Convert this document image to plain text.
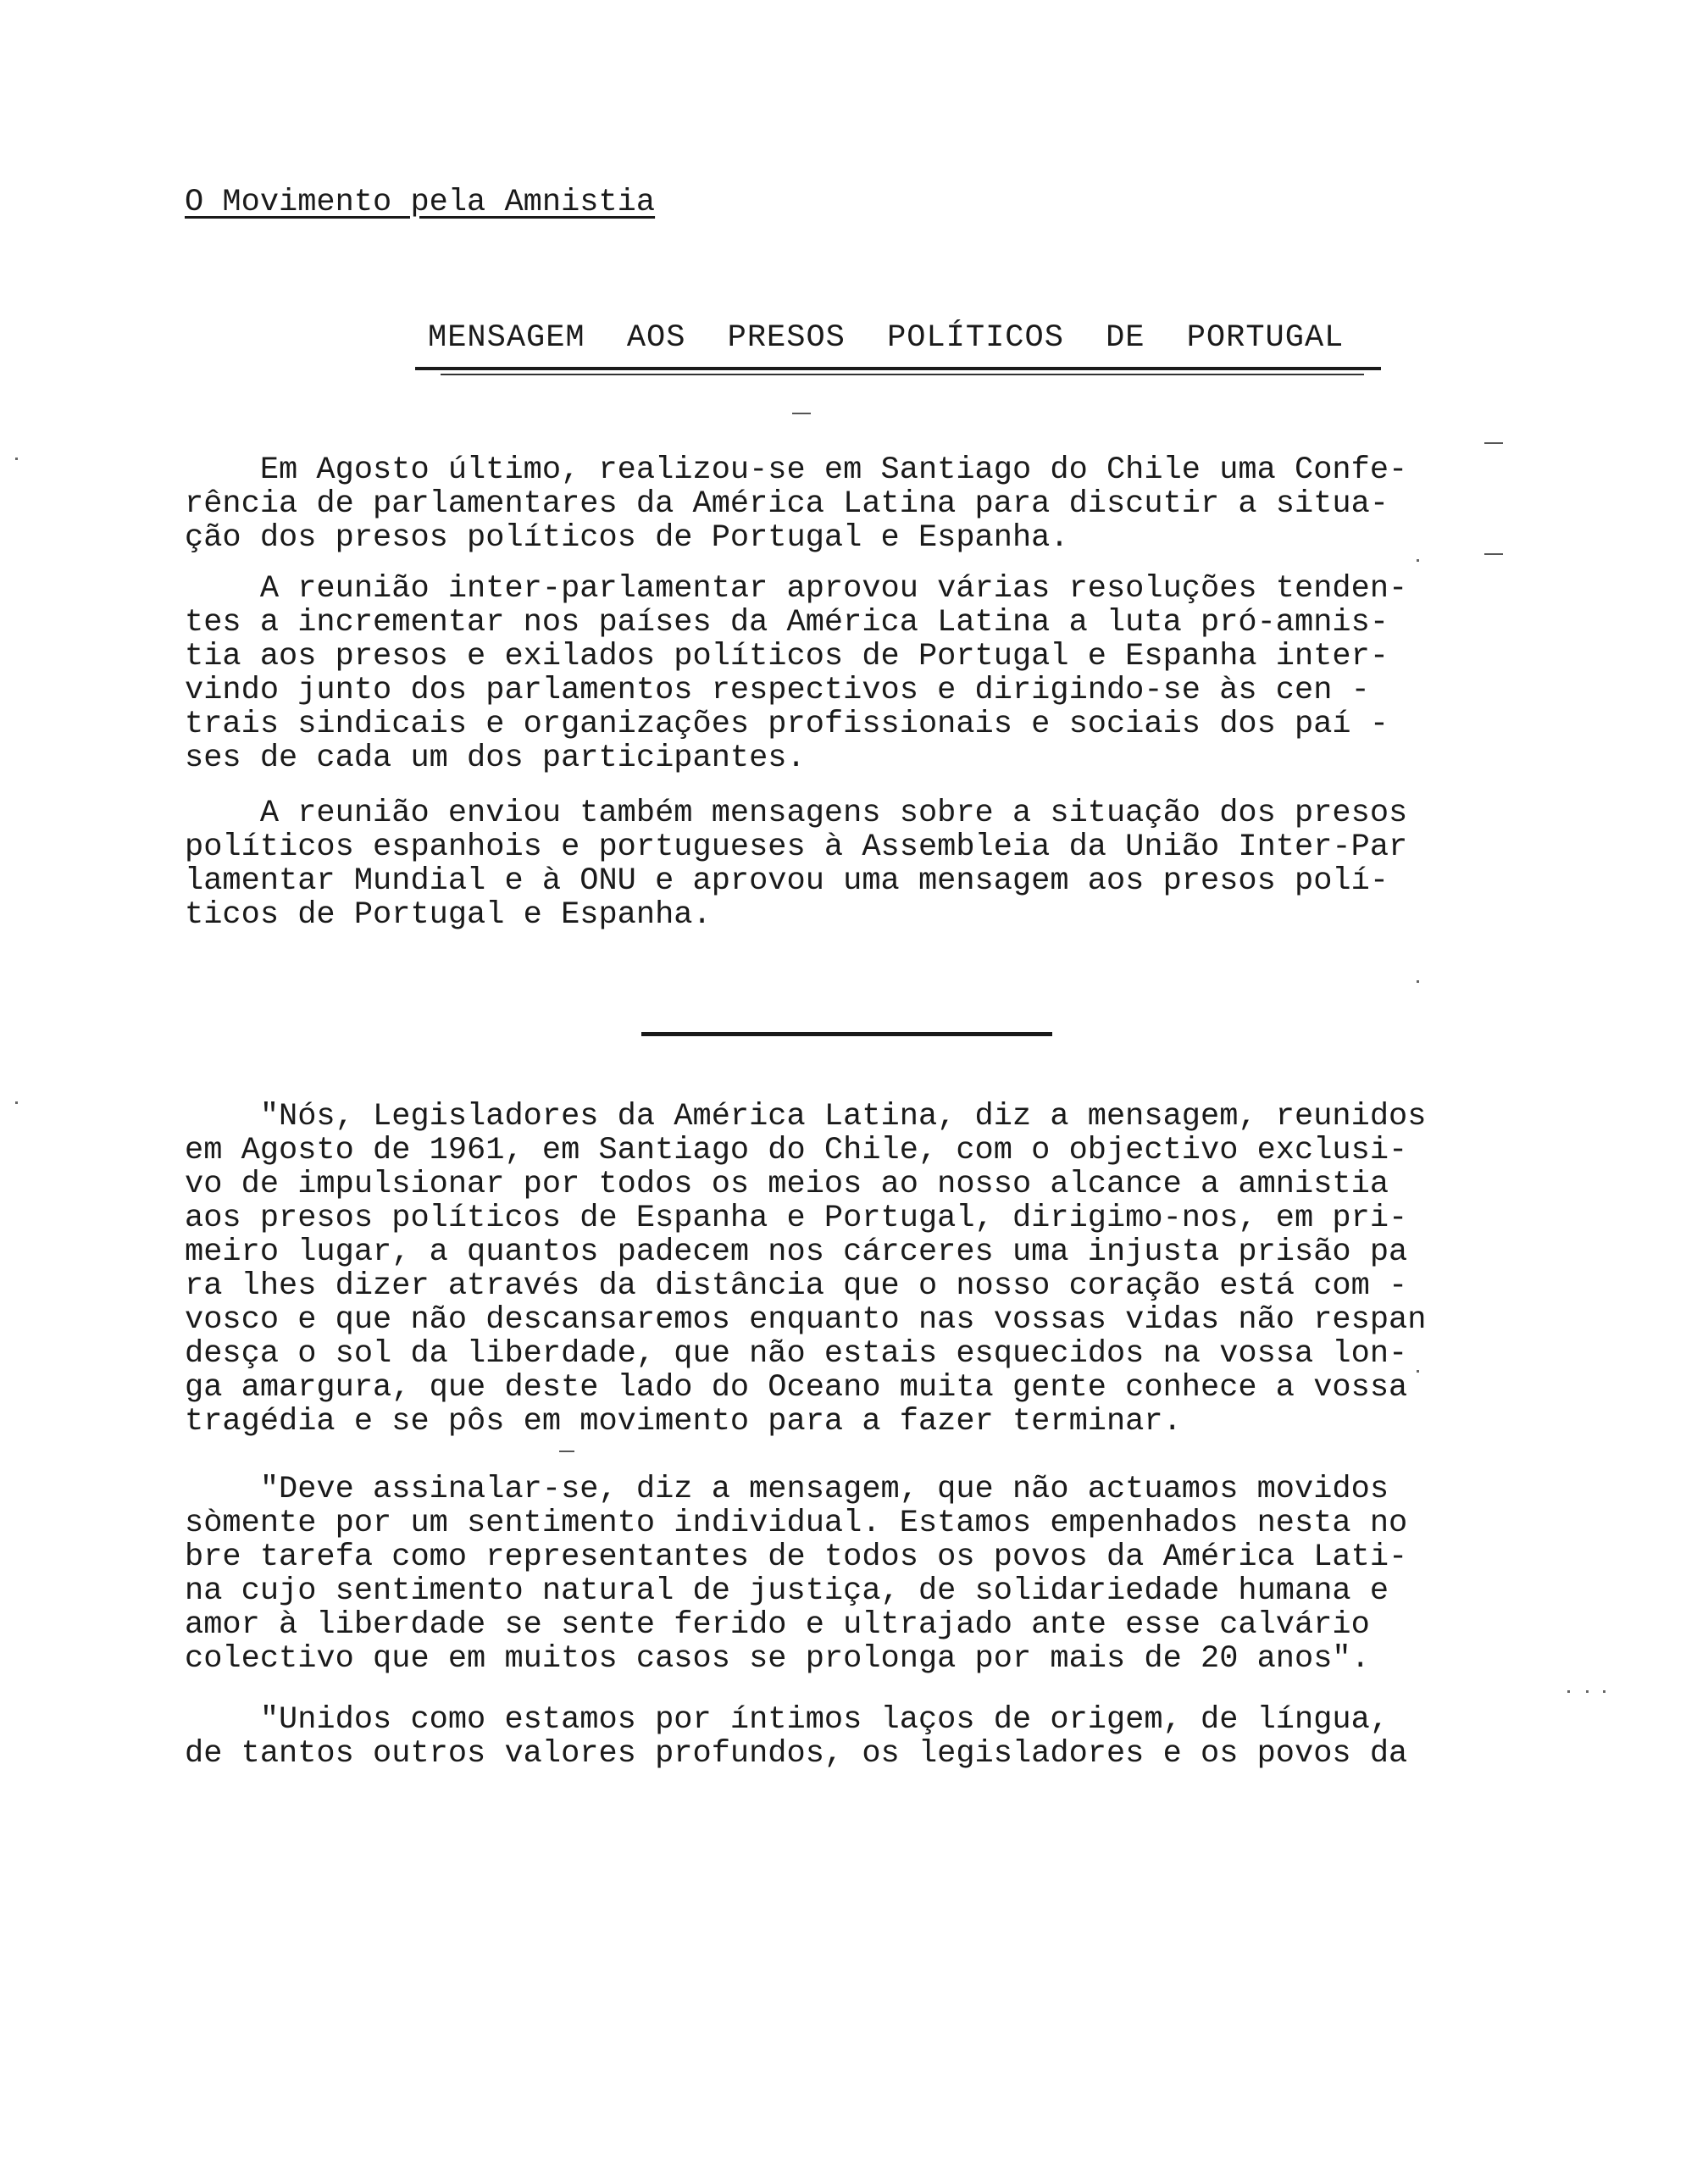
O Movimento pela Amnistia
MENSAGEM AOS PRESOS POLÍTICOS DE PORTUGAL
Em Agosto último, realizou-se em Santiago do Chile uma Confe-
rência de parlamentares da América Latina para discutir a situa-
ção dos presos políticos de Portugal e Espanha.
A reunião inter-parlamentar aprovou várias resoluções tenden-
tes a incrementar nos países da América Latina a luta pró-amnis-
tia aos presos e exilados políticos de Portugal e Espanha inter-
vindo junto dos parlamentos respectivos e dirigindo-se às cen -
trais sindicais e organizações profissionais e sociais dos paí -
ses de cada um dos participantes.
A reunião enviou também mensagens sobre a situação dos presos
políticos espanhois e portugueses à Assembleia da União Inter-Par
lamentar Mundial e à ONU e aprovou uma mensagem aos presos polí-
ticos de Portugal e Espanha.
"Nós, Legisladores da América Latina, diz a mensagem, reunidos
em Agosto de 1961, em Santiago do Chile, com o objectivo exclusi-
vo de impulsionar por todos os meios ao nosso alcance a amnistia
aos presos políticos de Espanha e Portugal, dirigimo-nos, em pri-
meiro lugar, a quantos padecem nos cárceres uma injusta prisão pa
ra lhes dizer através da distância que o nosso coração está com -
vosco e que não descansaremos enquanto nas vossas vidas não respan
desça o sol da liberdade, que não estais esquecidos na vossa lon-
ga amargura, que deste lado do Oceano muita gente conhece a vossa
tragédia e se pôs em movimento para a fazer terminar.
"Deve assinalar-se, diz a mensagem, que não actuamos movidos
sòmente por um sentimento individual. Estamos empenhados nesta no
bre tarefa como representantes de todos os povos da América Lati-
na cujo sentimento natural de justiça, de solidariedade humana e
amor à liberdade se sente ferido e ultrajado ante esse calvário
colectivo que em muitos casos se prolonga por mais de 20 anos".
"Unidos como estamos por íntimos laços de origem, de língua,
de tantos outros valores profundos, os legisladores e os povos da
